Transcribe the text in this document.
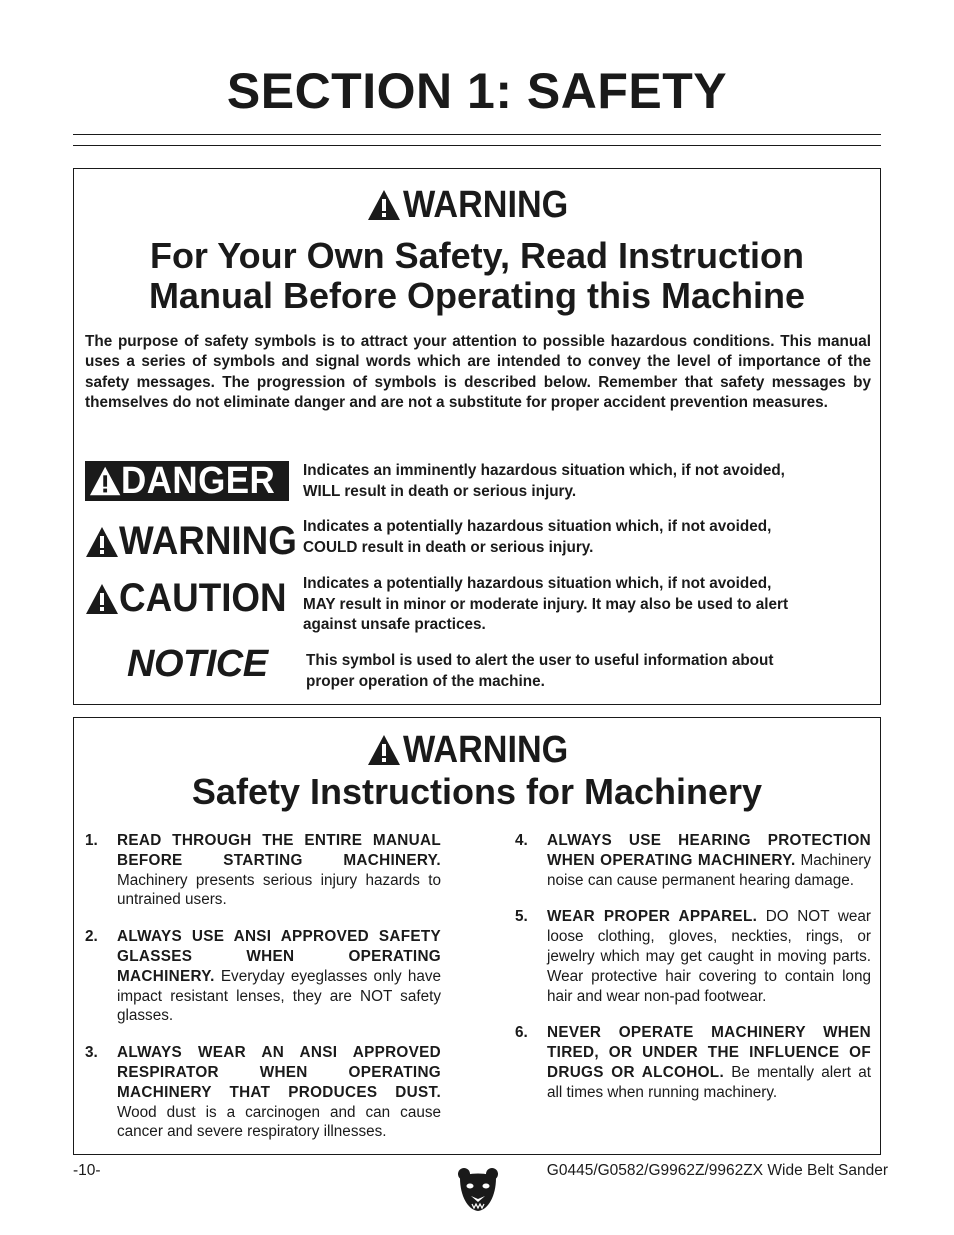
SECTION 1: SAFETY
WARNING
For Your Own Safety, Read Instruction
Manual Before Operating this Machine
The purpose of safety symbols is to attract your attention to possible hazardous conditions. This manual uses a series of symbols and signal words which are intended to convey the level of importance of the safety messages. The progression of symbols is described below. Remember that safety messages by themselves do not eliminate danger and are not a substitute for proper accident prevention measures.
DANGER Indicates an imminently hazardous situation which, if not avoided,
WILL result in death or serious injury.
WARNING Indicates a potentially hazardous situation which, if not avoided,
COULD result in death or serious injury.
CAUTION Indicates a potentially hazardous situation which, if not avoided,
MAY result in minor or moderate injury. It may also be used to alert
against unsafe practices.
NOTICE	This symbol is used to alert the user to useful information about
proper operation of the machine.
WARNING
Safety Instructions for Machinery
1. READ THROUGH THE ENTIRE MANUAL BEFORE STARTING MACHINERY. Machinery presents serious injury hazards to untrained users.
2. ALWAYS USE ANSI APPROVED SAFETY GLASSES WHEN OPERATING MACHINERY. Everyday eyeglasses only have impact resistant lenses, they are NOT safety glasses.
3. ALWAYS WEAR AN ANSI APPROVED RESPIRATOR WHEN OPERATING MACHINERY THAT PRODUCES DUST. Wood dust is a carcinogen and can cause cancer and severe respiratory illnesses.
4. ALWAYS USE HEARING PROTECTION WHEN OPERATING MACHINERY. Machinery noise can cause permanent hearing damage.
5. WEAR PROPER APPAREL. DO NOT wear loose clothing, gloves, neckties, rings, or jewelry which may get caught in moving parts. Wear protective hair covering to contain long hair and wear non-pad footwear.
6. NEVER OPERATE MACHINERY WHEN TIRED, OR UNDER THE INFLUENCE OF DRUGS OR ALCOHOL. Be mentally alert at all times when running machinery.
-10-	G0445/G0582/G9962Z/9962ZX Wide Belt Sander
